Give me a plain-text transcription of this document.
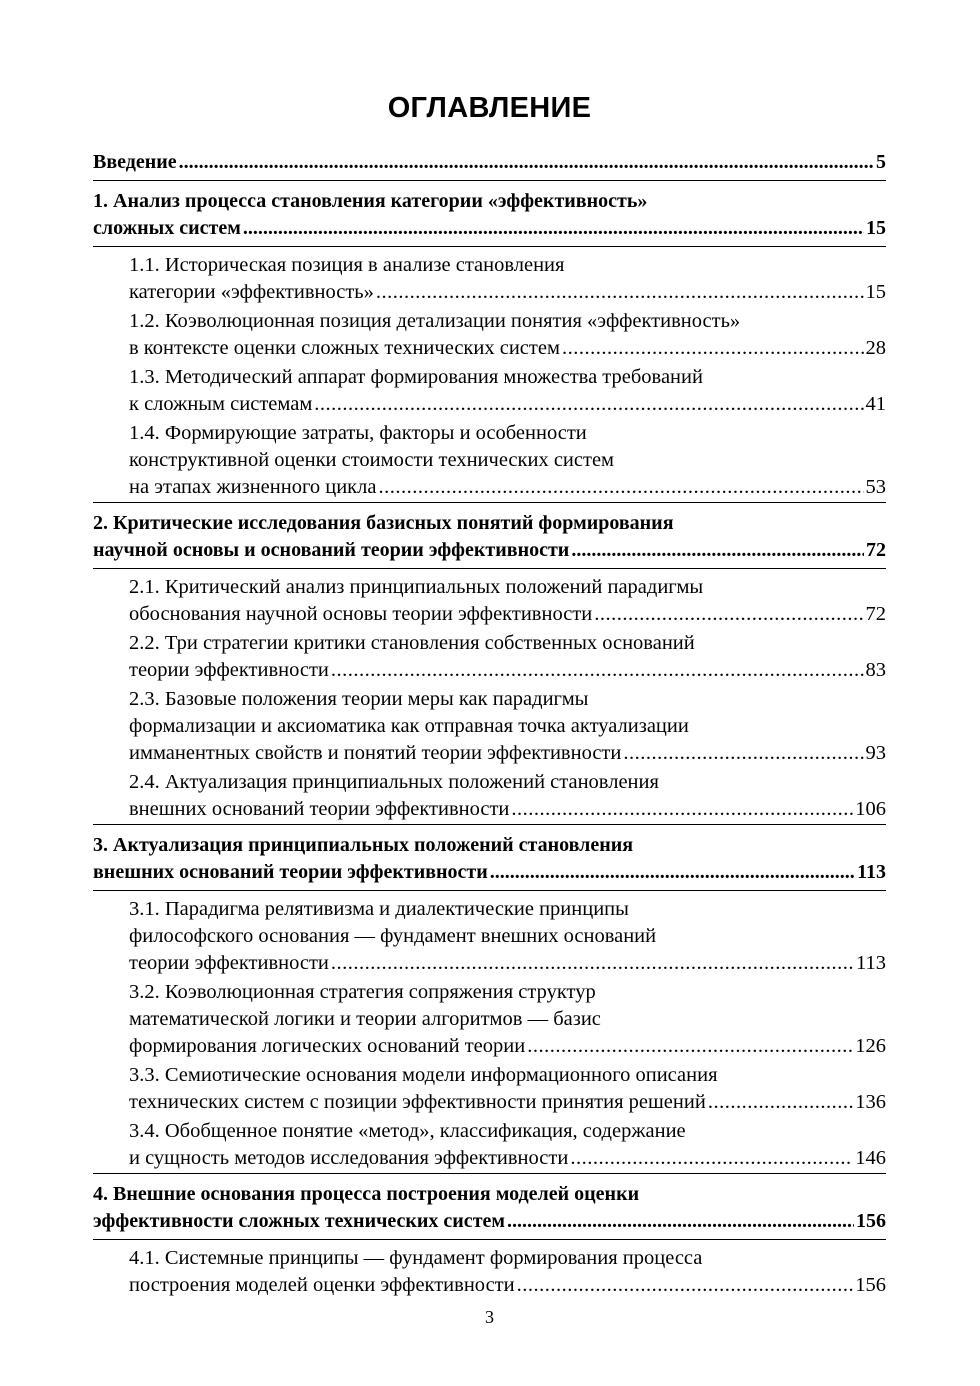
ОГЛАВЛЕНИЕ
Введение .....	5
1. Анализ процесса становления категории «эффективность»
сложных систем .....	15
1.1. Историческая позиция в анализе становления
категории «эффективность» .....	15
1.2. Коэволюционная позиция детализации понятия «эффективность»
в контексте оценки сложных технических систем .....	28
1.3. Методический аппарат формирования множества требований
к сложным системам .....	41
1.4. Формирующие затраты, факторы и особенности
конструктивной оценки стоимости технических систем
на этапах жизненного цикла .....	53
2. Критические исследования базисных понятий формирования
научной основы и оснований теории эффективности .....	72
2.1. Критический анализ принципиальных положений парадигмы
обоснования научной основы теории эффективности .....	72
2.2. Три стратегии критики становления собственных оснований
теории эффективности .....	83
2.3. Базовые положения теории меры как парадигмы
формализации и аксиоматика как отправная точка актуализации
имманентных свойств и понятий теории эффективности .....	93
2.4. Актуализация принципиальных положений становления
внешних оснований теории эффективности .....	106
3. Актуализация принципиальных положений становления
внешних оснований теории эффективности .....	113
3.1. Парадигма релятивизма и диалектические принципы
философского основания — фундамент внешних оснований
теории эффективности .....	113
3.2. Коэволюционная стратегия сопряжения структур
математической логики и теории алгоритмов — базис
формирования логических оснований теории .....	126
3.3. Семиотические основания модели информационного описания
технических систем с позиции эффективности принятия решений .....	136
3.4. Обобщенное понятие «метод», классификация, содержание
и сущность методов исследования эффективности .....	146
4. Внешние основания процесса построения моделей оценки
эффективности сложных технических систем .....	156
4.1. Системные принципы — фундамент формирования процесса
построения моделей оценки эффективности .....	156
3
